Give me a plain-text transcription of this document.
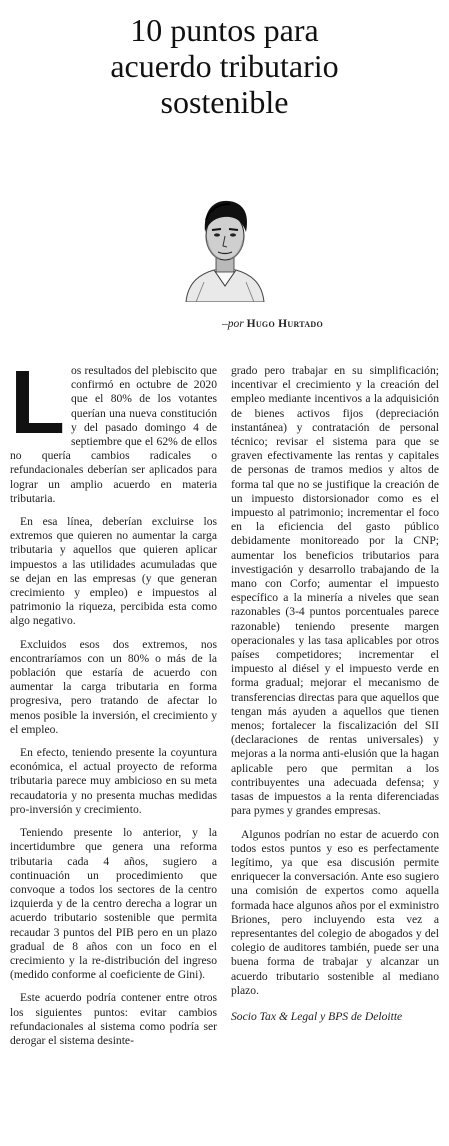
10 puntos para
acuerdo tributario
sostenible
–por Hugo Hurtado

Los resultados del plebiscito que confirmó en octubre de 2020 que el 80% de los votantes querían una nueva constitución y del pasado domingo 4 de septiembre que el 62% de ellos no quería cambios radicales o refundacionales deberían ser aplicados para lograr un amplio acuerdo en materia tributaria.

En esa línea, deberían excluirse los extremos que quieren no aumentar la carga tributaria y aquellos que quieren aplicar impuestos a las utilidades acumuladas que se dejan en las empresas (y que generan crecimiento y empleo) e impuestos al patrimonio la riqueza, percibida esta como algo negativo.

Excluidos esos dos extremos, nos encontraríamos con un 80% o más de la población que estaría de acuerdo con aumentar la carga tributaria en forma progresiva, pero tratando de afectar lo menos posible la inversión, el crecimiento y el empleo.

En efecto, teniendo presente la coyuntura económica, el actual proyecto de reforma tributaria parece muy ambicioso en su meta recaudatoria y no presenta muchas medidas pro-inversión y crecimiento.

Teniendo presente lo anterior, y la incertidumbre que genera una reforma tributaria cada 4 años, sugiero a continuación un procedimiento que convoque a todos los sectores de la centro izquierda y de la centro derecha a lograr un acuerdo tributario sostenible que permita recaudar 3 puntos del PIB pero en un plazo gradual de 8 años con un foco en el crecimiento y la re-distribución del ingreso (medido conforme al coeficiente de Gini).

Este acuerdo podría contener entre otros los siguientes puntos: evitar cambios refundacionales al sistema como podría ser derogar el sistema desinte-

grado pero trabajar en su simplificación; incentivar el crecimiento y la creación del empleo mediante incentivos a la adquisición de bienes activos fijos (depreciación instantánea) y contratación de personal técnico; revisar el sistema para que se graven efectivamente las rentas y capitales de personas de tramos medios y altos de forma tal que no se justifique la creación de un impuesto distorsionador como es el impuesto al patrimonio; incrementar el foco en la eficiencia del gasto público debidamente monitoreado por la CNP; aumentar los beneficios tributarios para investigación y desarrollo trabajando de la mano con Corfo; aumentar el impuesto específico a la minería a niveles que sean razonables (3-4 puntos porcentuales parece razonable) teniendo presente margen operacionales y las tasa aplicables por otros países competidores; incrementar el impuesto al diésel y el impuesto verde en forma gradual; mejorar el mecanismo de transferencias directas para que aquellos que tengan más ayuden a aquellos que tienen menos; fortalecer la fiscalización del SII (declaraciones de rentas universales) y mejoras a la norma anti-elusión que la hagan aplicable pero que permitan a los contribuyentes una adecuada defensa; y tasas de impuestos a la renta diferenciadas para pymes y grandes empresas.

Algunos podrían no estar de acuerdo con todos estos puntos y eso es perfectamente legítimo, ya que esa discusión permite enriquecer la conversación. Ante eso sugiero una comisión de expertos como aquella formada hace algunos años por el exministro Briones, pero incluyendo esta vez a representantes del colegio de abogados y del colegio de auditores también, puede ser una buena forma de trabajar y alcanzar un acuerdo tributario sostenible al mediano plazo.

Socio Tax & Legal y BPS de Deloitte
